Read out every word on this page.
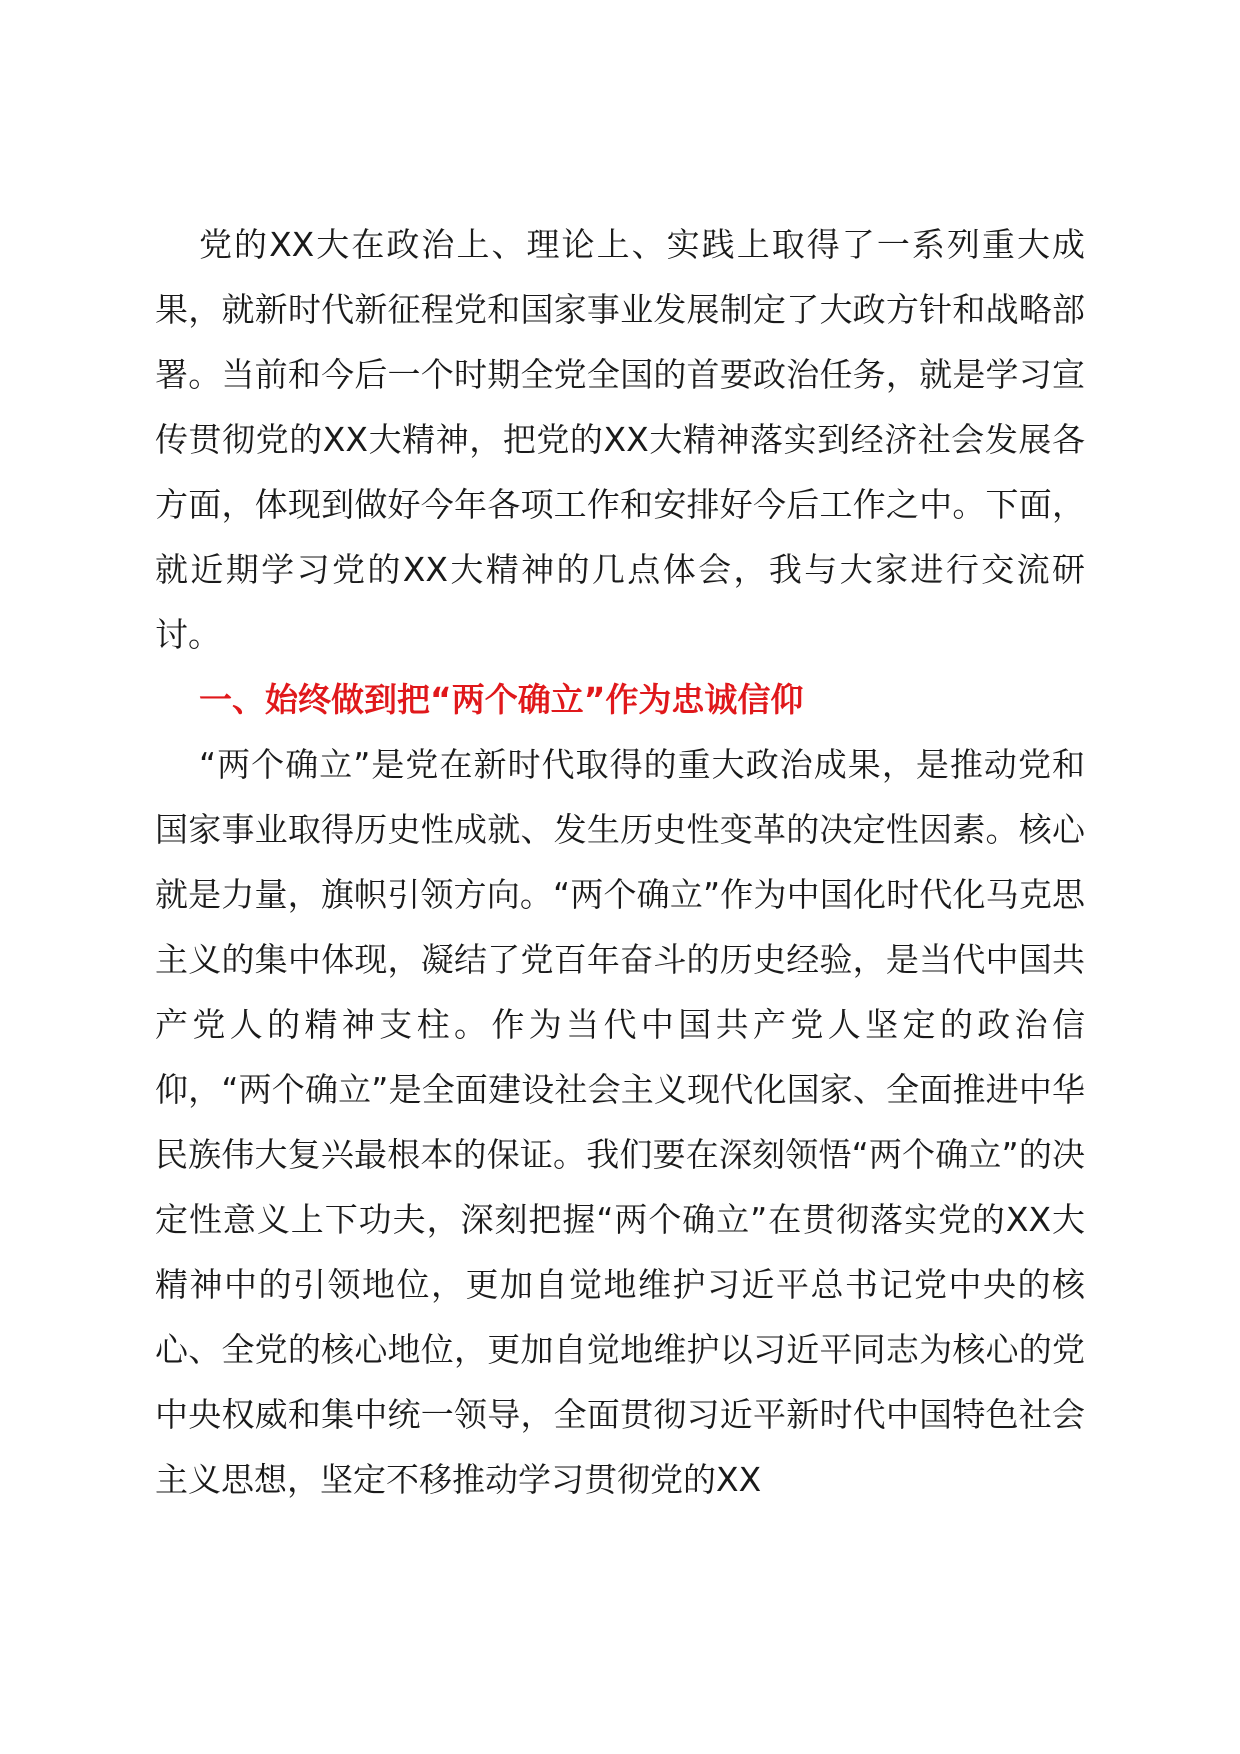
党的XX大在政治上、理论上、实践上取得了一系列重大成果，就新时代新征程党和国家事业发展制定了大政方针和战略部署。当前和今后一个时期全党全国的首要政治任务，就是学习宣传贯彻党的XX大精神，把党的XX大精神落实到经济社会发展各方面，体现到做好今年各项工作和安排好今后工作之中。下面，就近期学习党的XX大精神的几点体会，我与大家进行交流研讨。

一、始终做到把“两个确立”作为忠诚信仰

“两个确立”是党在新时代取得的重大政治成果，是推动党和国家事业取得历史性成就、发生历史性变革的决定性因素。核心就是力量，旗帜引领方向。“两个确立”作为中国化时代化马克思主义的集中体现，凝结了党百年奋斗的历史经验，是当代中国共产党人的精神支柱。作为当代中国共产党人坚定的政治信仰，“两个确立”是全面建设社会主义现代化国家、全面推进中华民族伟大复兴最根本的保证。我们要在深刻领悟“两个确立”的决定性意义上下功夫，深刻把握“两个确立”在贯彻落实党的XX大精神中的引领地位，更加自觉地维护习近平总书记党中央的核心、全党的核心地位，更加自觉地维护以习近平同志为核心的党中央权威和集中统一领导，全面贯彻习近平新时代中国特色社会主义思想，坚定不移推动学习贯彻党的XX
